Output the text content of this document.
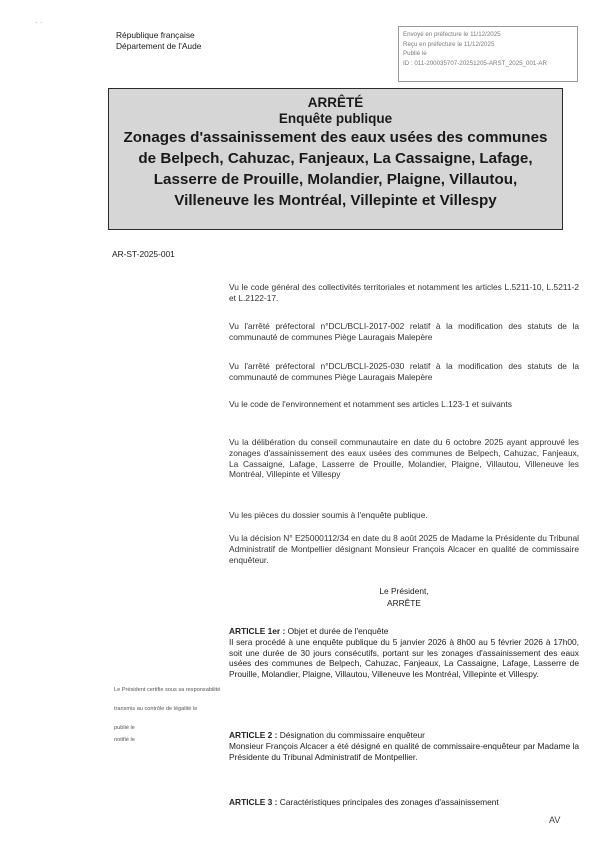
· ·
République française
Département de l'Aude
Envoyé en préfecture le 11/12/2025
Reçu en préfecture le 11/12/2025
Publié le
ID : 011-200035707-20251205-ARST_2025_001-AR
ARRÊTÉ
Enquête publique
Zonages d'assainissement des eaux usées des communes de Belpech, Cahuzac, Fanjeaux, La Cassaigne, Lafage, Lasserre de Prouille, Molandier, Plaigne, Villautou, Villeneuve les Montréal, Villepinte et Villespy
AR-ST-2025-001
Vu le code général des collectivités territoriales et notamment les articles L.5211-10, L.5211-2 et L.2122-17.
Vu l'arrêté préfectoral n°DCL/BCLI-2017-002 relatif à la modification des statuts de la communauté de communes Piège Lauragais Malepère
Vu l'arrêté préfectoral n°DCL/BCLI-2025-030 relatif à la modification des statuts de la communauté de communes Piège Lauragais Malepère
Vu le code de l'environnement et notamment ses articles L.123-1 et suivants
Vu la délibération du conseil communautaire en date du 6 octobre 2025 ayant approuvé les zonages d'assainissement des eaux usées des communes de Belpech, Cahuzac, Fanjeaux, La Cassaigne, Lafage, Lasserre de Prouille, Molandier, Plaigne, Villautou, Villeneuve les Montréal, Villepinte et Villespy
Vu les pièces du dossier soumis à l'enquête publique.
Vu la décision N° E25000112/34 en date du 8 août 2025 de Madame la Présidente du Tribunal Administratif de Montpellier désignant Monsieur François Alcacer en qualité de commissaire enquêteur.
Le Président,
ARRÊTE
ARTICLE 1er : Objet et durée de l'enquête
Il sera procédé à une enquête publique du 5 janvier 2026 à 8h00 au 5 février 2026 à 17h00, soit une durée de 30 jours consécutifs, portant sur les zonages d'assainissement des eaux usées des communes de Belpech, Cahuzac, Fanjeaux, La Cassaigne, Lafage, Lasserre de Prouille, Molandier, Plaigne, Villautou, Villeneuve les Montréal, Villepinte et Villespy.
ARTICLE 2 : Désignation du commissaire enquêteur
Monsieur François Alcacer a été désigné en qualité de commissaire-enquêteur par Madame la Présidente du Tribunal Administratif de Montpellier.
ARTICLE 3 : Caractéristiques principales des zonages d'assainissement
Le Président certifie sous sa responsabilité
transmis au contrôle de légalité le
publié le
notifié le
AV
